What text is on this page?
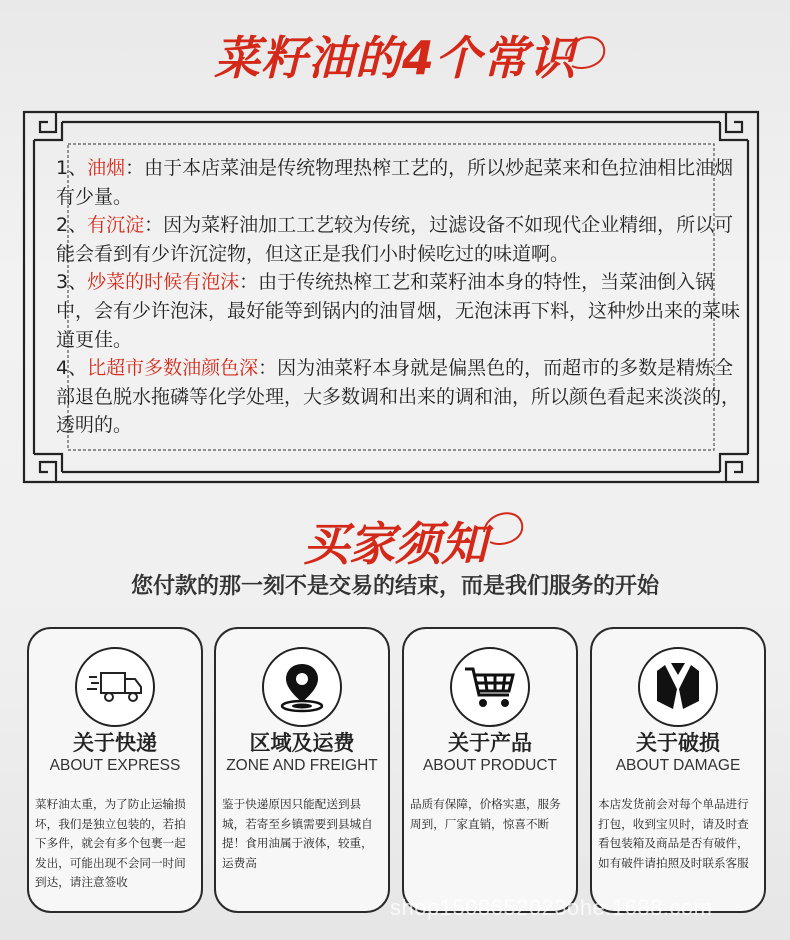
菜籽油的4个常识

1、油烟：由于本店菜油是传统物理热榨工艺的，所以炒起菜来和色拉油相比油烟有少量。

2、有沉淀：因为菜籽油加工工艺较为传统，过滤设备不如现代企业精细，所以可能会看到有少许沉淀物，但这正是我们小时候吃过的味道啊。

3、炒菜的时候有泡沫：由于传统热榨工艺和菜籽油本身的特性，当菜油倒入锅中，会有少许泡沫，最好能等到锅内的油冒烟，无泡沫再下料，这种炒出来的菜味道更佳。

4、比超市多数油颜色深：因为油菜籽本身就是偏黑色的，而超市的多数是精炼全部退色脱水拖磷等化学处理，大多数调和出来的调和油，所以颜色看起来淡淡的，透明的。

买家须知
您付款的那一刻不是交易的结束，而是我们服务的开始
关于快递
ABOUT EXPRESS
菜籽油太重，为了防止运输损坏，我们是独立包装的，若拍下多件，就会有多个包裹一起发出，可能出现不会同一时间到达，请注意签收
区域及运费
ZONE AND FREIGHT
鉴于快递原因只能配送到县城，若寄至乡镇需要到县城自提！食用油属于液体，较重，运费高
关于产品
ABOUT PRODUCT
品质有保障，价格实惠，服务周到，厂家直销，惊喜不断
关于破损
ABOUT DAMAGE
本店发货前会对每个单品进行打包，收到宝贝时，请及时查看包装箱及商品是否有破件，如有破件请拍照及时联系客服
shop1508652023ohe.1688.com
